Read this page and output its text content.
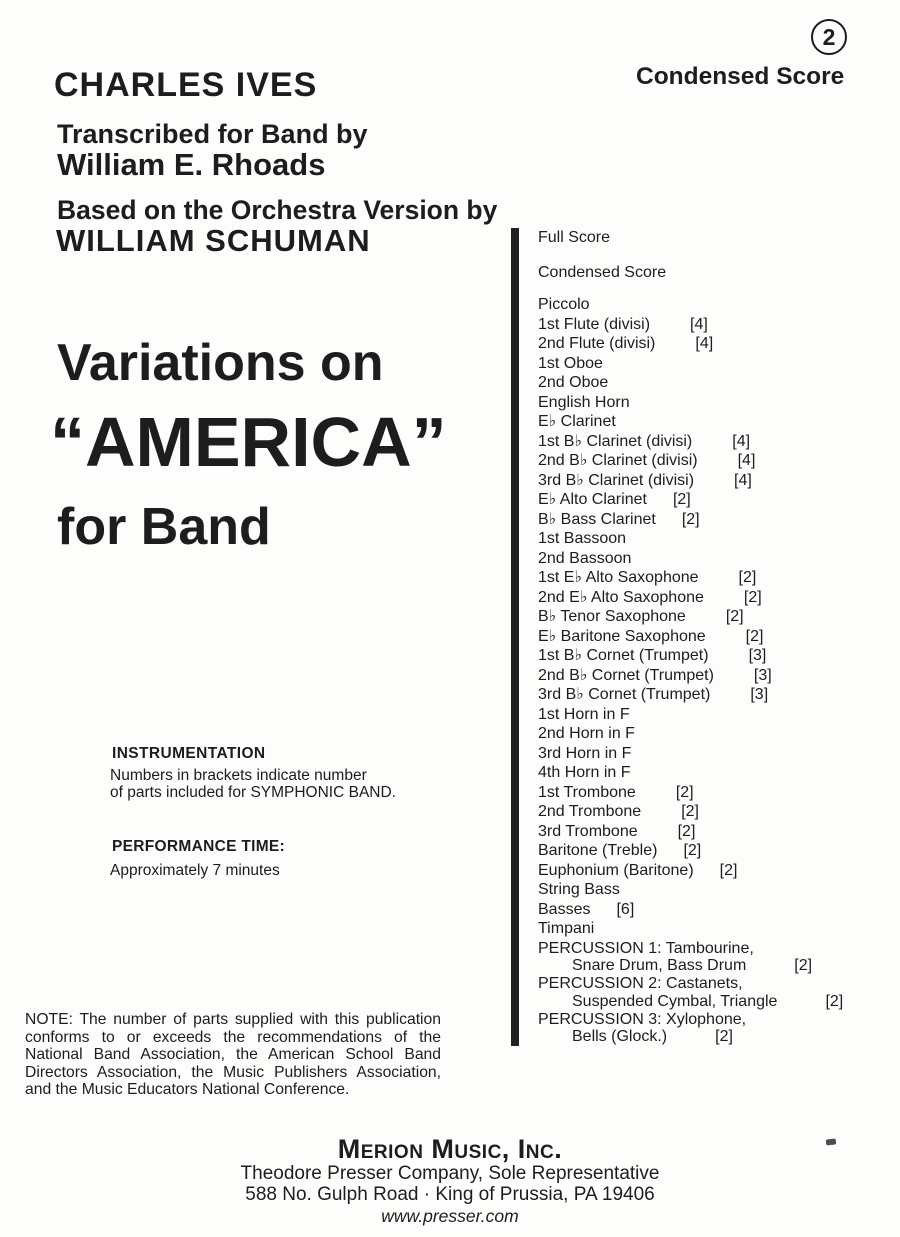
2
Condensed Score
CHARLES IVES
Transcribed for Band by
William E. Rhoads
Based on the Orchestra Version by
WILLIAM SCHUMAN
Variations on
“AMERICA”
for Band
Full Score
Condensed Score
Piccolo
1st Flute (divisi)	[4]
2nd Flute (divisi)	[4]
1st Oboe
2nd Oboe
English Horn
E♭ Clarinet
1st B♭ Clarinet (divisi)	[4]
2nd B♭ Clarinet (divisi)	[4]
3rd B♭ Clarinet (divisi)	[4]
E♭ Alto Clarinet [2]
B♭ Bass Clarinet [2]
1st Bassoon
2nd Bassoon
1st E♭ Alto Saxophone	[2]
2nd E♭ Alto Saxophone	[2]
B♭ Tenor Saxophone	[2]
E♭ Baritone Saxophone	[2]
1st B♭ Cornet (Trumpet)	[3]
2nd B♭ Cornet (Trumpet)	[3]
3rd B♭ Cornet (Trumpet)	[3]
1st Horn in F
2nd Horn in F
3rd Horn in F
4th Horn in F
1st Trombone	[2]
2nd Trombone	[2]
3rd Trombone	[2]
Baritone (Treble) [2]
Euphonium (Baritone) [2]
String Bass
Basses [6]
Timpani
PERCUSSION 1: Tambourine,
Snare Drum, Bass Drum	[2]
PERCUSSION 2: Castanets,
Suspended Cymbal, Triangle	[2]
PERCUSSION 3: Xylophone,
Bells (Glock.)	[2]
INSTRUMENTATION
Numbers in brackets indicate number
of parts included for SYMPHONIC BAND.
PERFORMANCE TIME:
Approximately 7 minutes
NOTE: The number of parts supplied with this publication conforms to or exceeds the recommendations of the National Band Association, the American School Band Directors Association, the Music Publishers Association, and the Music Educators National Conference.
Merion Music, Inc.
Theodore Presser Company, Sole Representative
588 No. Gulph Road · King of Prussia, PA 19406
www.presser.com
